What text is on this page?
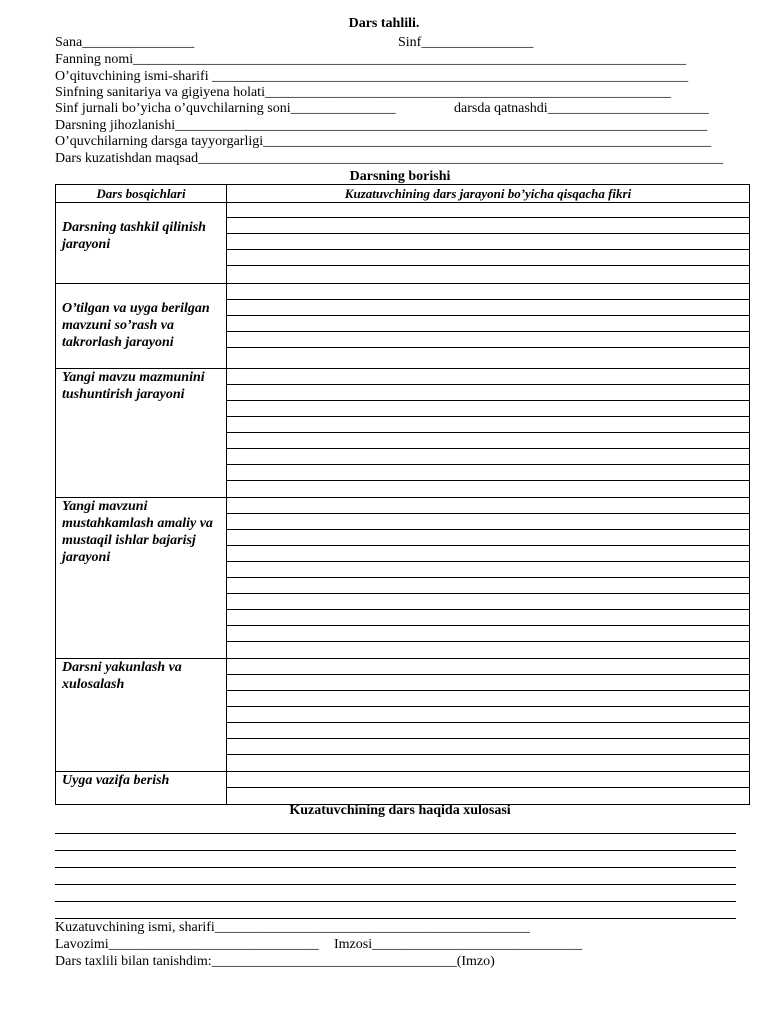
Dars tahlili.
Sana________________	Sinf________________
Fanning nomi_______________________________________________________________________________
O’qituvchining ismi-sharifi ____________________________________________________________________
Sinfning sanitariya va gigiyena holati__________________________________________________________
Sinf jurnali bo’yicha o’quvchilarning soni_______________	darsda qatnashdi_______________________
Darsning jihozlanishi____________________________________________________________________________
O’quvchilarning darsga tayyorgarligi________________________________________________________________
Dars kuzatishdan maqsad___________________________________________________________________________
Darsning borishi
Dars bosqichlari	Kuzatuvchining dars jarayoni bo’yicha qisqacha fikri
Darsning tashkil qilinish jarayoni	

O’tilgan va uyga berilgan mavzuni so’rash va takrorlash jarayoni	

Yangi mavzu mazmunini tushuntirish jarayoni	

Yangi mavzuni mustahkamlash amaliy va mustaqil ishlar bajarisj jarayoni	

Darsni yakunlash va xulosalash	

Uyga vazifa berish	
Kuzatuvchining dars haqida xulosasi
Kuzatuvchining ismi, sharifi_____________________________________________
Lavozimi______________________________ Imzosi______________________________
Dars taxlili bilan tanishdim:___________________________________(Imzo)
